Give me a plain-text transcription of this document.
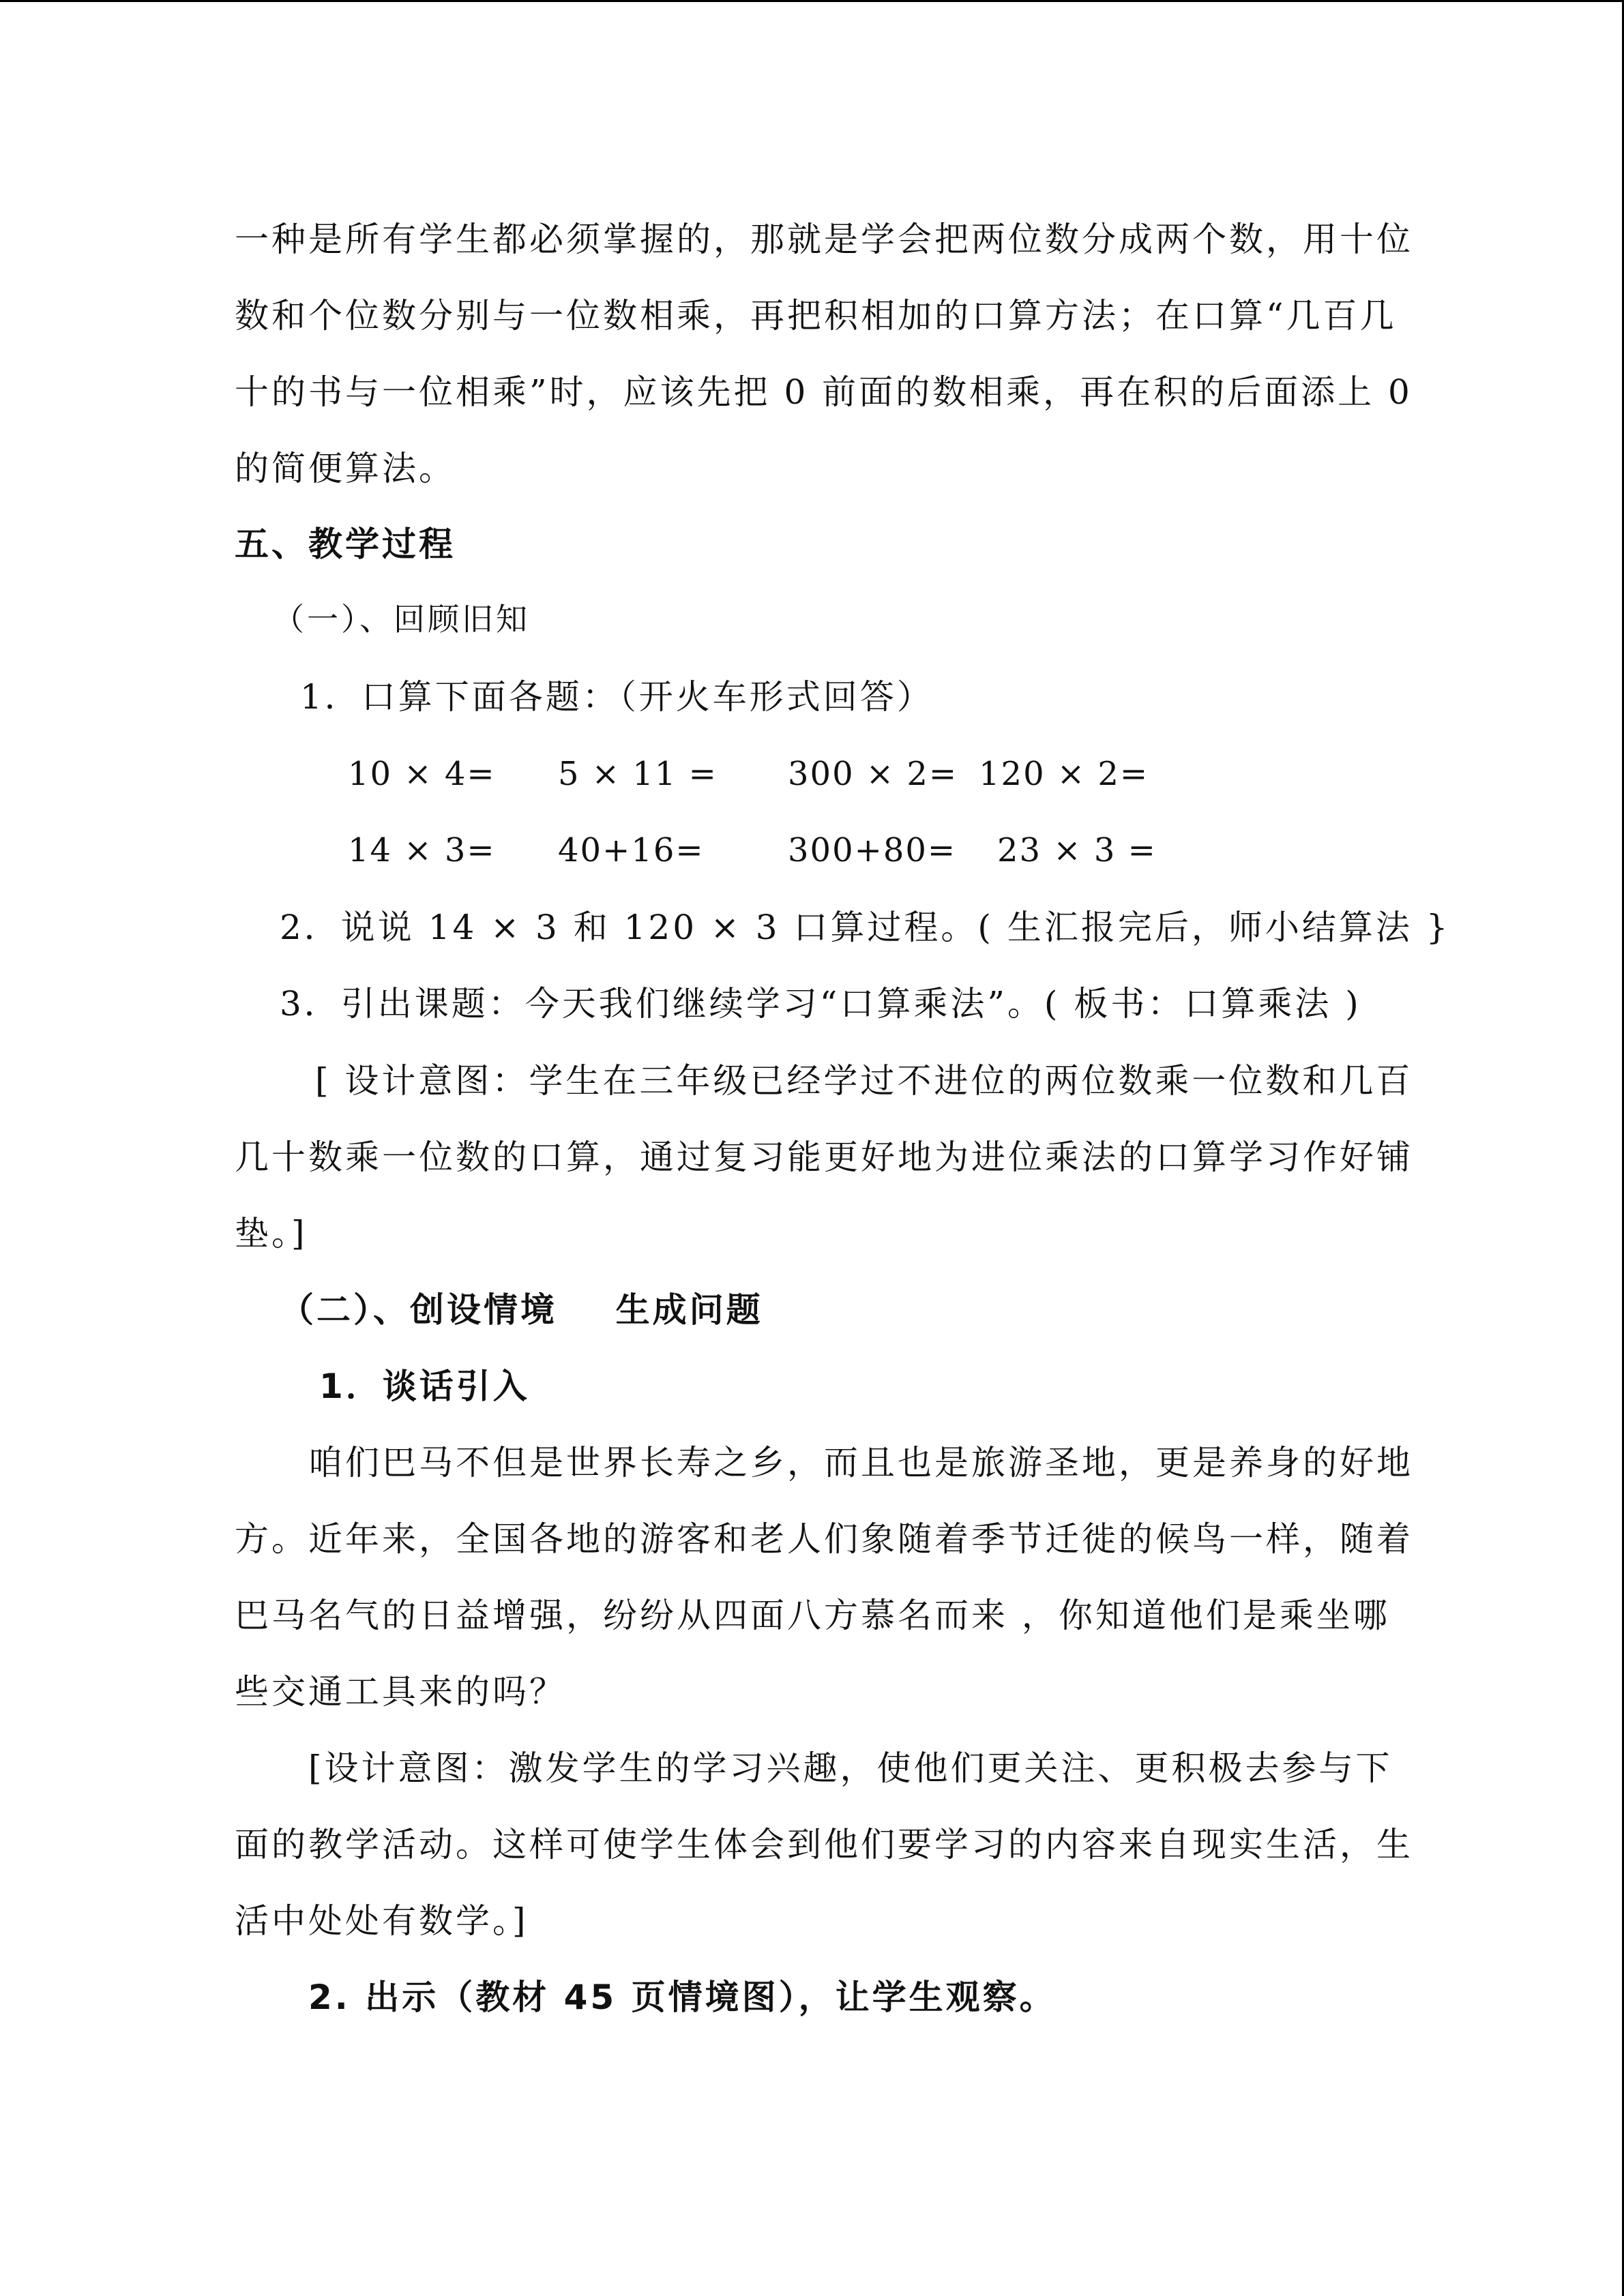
一种是所有学生都必须掌握的，那就是学会把两位数分成两个数，用十位
数和个位数分别与一位数相乘，再把积相加的口算方法；在口算“几百几
十的书与一位相乘”时，应该先把 0 前面的数相乘，再在积的后面添上 0
的简便算法。
五、教学过程
（一）、回顾旧知
1．口算下面各题：（开火车形式回答）
10 × 4= 5 × 11 = 300 × 2= 120 × 2=
14 × 3= 40+16=	300+80= 23 × 3 =
2．说说 14 × 3 和 120 × 3 口算过程。( 生汇报完后，师小结算法 }
3．引出课题：今天我们继续学习“口算乘法”。( 板书：口算乘法 )
[ 设计意图：学生在三年级已经学过不进位的两位数乘一位数和几百
几十数乘一位数的口算，通过复习能更好地为进位乘法的口算学习作好铺
垫。]
（二）、创设情境    生成问题
1．谈话引入
咱们巴马不但是世界长寿之乡，而且也是旅游圣地，更是养身的好地
方。近年来，全国各地的游客和老人们象随着季节迁徙的候鸟一样，随着
巴马名气的日益增强，纷纷从四面八方慕名而来 ，你知道他们是乘坐哪
些交通工具来的吗？
[设计意图：激发学生的学习兴趣，使他们更关注、更积极去参与下
面的教学活动。这样可使学生体会到他们要学习的内容来自现实生活，生
活中处处有数学。]
2. 出示（教材 45 页情境图），让学生观察。
